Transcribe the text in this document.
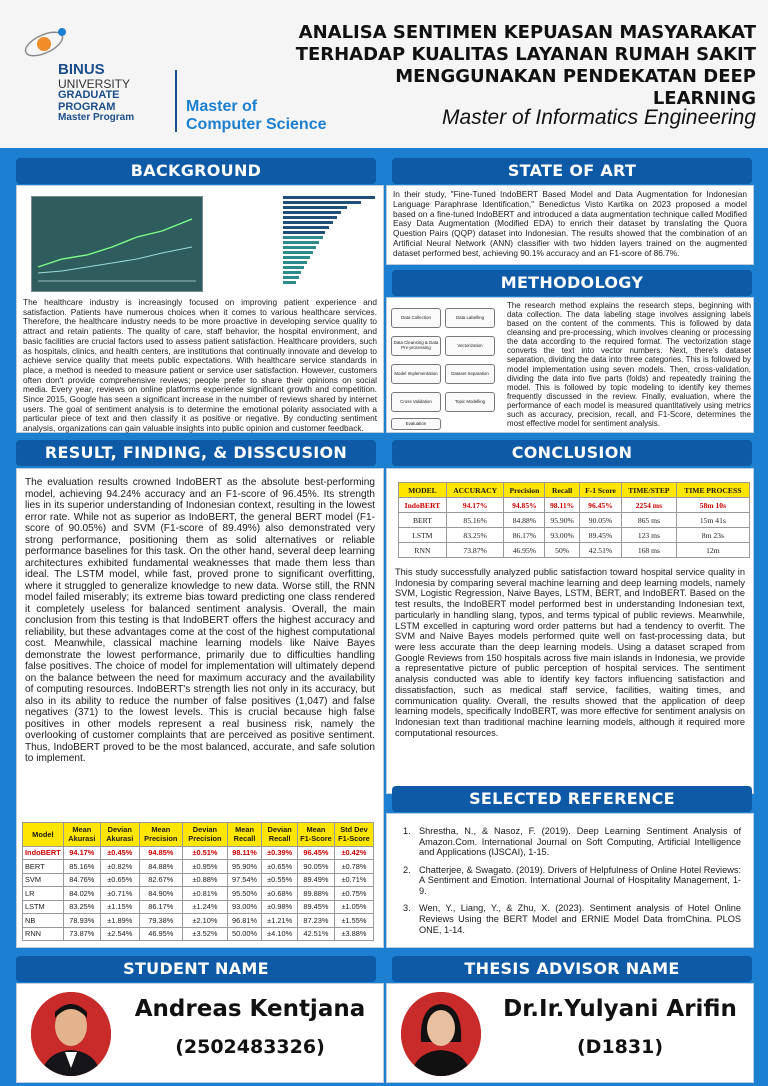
BINUS
UNIVERSITY
GRADUATE
PROGRAM
Master Program
Master of
Computer Science
ANALISA SENTIMEN KEPUASAN MASYARAKAT
TERHADAP KUALITAS LAYANAN RUMAH SAKIT
MENGGUNAKAN PENDEKATAN DEEP LEARNING
Master of Informatics Engineering
BACKGROUND
The healthcare industry is increasingly focused on improving patient experience and satisfaction. Patients have numerous choices when it comes to various healthcare services. Therefore, the healthcare industry needs to be more proactive in developing service quality to attract and retain patients. The quality of care, staff behavior, the hospital environment, and basic facilities are crucial factors used to assess patient satisfaction. Healthcare providers, such as hospitals, clinics, and health centers, are institutions that continually innovate and develop to achieve service quality that meets public expectations. With healthcare service standards in place, a method is needed to measure patient or service user satisfaction. However, customers often don't provide comprehensive reviews; people prefer to share their opinions on social media. Every year, reviews on online platforms experience significant growth and competition. Since 2015, Google has seen a significant increase in the number of reviews shared by internet users. The goal of sentiment analysis is to determine the emotional polarity associated with a particular piece of text and then classify it as positive or negative. By conducting sentiment analysis, organizations can gain valuable insights into public opinion and customer feedback.
STATE OF ART
In their study, "Fine-Tuned IndoBERT Based Model and Data Augmentation for Indonesian Language Paraphrase Identification," Benedictus Visto Kartika on 2023 proposed a model based on a fine-tuned IndoBERT and introduced a data augmentation technique called Modified Easy Data Augmentation (Modified EDA) to enrich their dataset by translating the Quora Question Pairs (QQP) dataset into Indonesian. The results showed that the combination of an Artificial Neural Network (ANN) classifier with two hidden layers trained on the augmented dataset performed best, achieving 90.1% accuracy and an F1-score of 86.7%.
METHODOLOGY
Data Collection	Data Labelling
Data Cleansing & Data Pre-processing	Vectorization
Model Implementation	Dataset Separation
Cross Validation	Topic Modelling
Evaluation
The research method explains the research steps, beginning with data collection. The data labeling stage involves assigning labels based on the content of the comments. This is followed by data cleansing and pre-processing, which involves cleaning or processing the data according to the required format. The vectorization stage converts the text into vector numbers. Next, there's dataset separation, dividing the data into three categories. This is followed by model implementation using seven models. Then, cross-validation, dividing the data into five parts (folds) and repeatedly training the model. This is followed by topic modeling to identify key themes frequently discussed in the review. Finally, evaluation, where the performance of each model is measured quantitatively using metrics such as accuracy, precision, recall, and F1-Score, determines the most effective model for sentiment analysis.
RESULT, FINDING, & DISSCUSION
The evaluation results crowned IndoBERT as the absolute best-performing model, achieving 94.24% accuracy and an F1-score of 96.45%. Its strength lies in its superior understanding of Indonesian context, resulting in the lowest error rate. While not as superior as IndoBERT, the general BERT model (F1-score of 90.05%) and SVM (F1-score of 89.49%) also demonstrated very strong performance, positioning them as solid alternatives or reliable performance baselines for this task. On the other hand, several deep learning architectures exhibited fundamental weaknesses that made them less than ideal. The LSTM model, while fast, proved prone to significant overfitting, where it struggled to generalize knowledge to new data. Worse still, the RNN model failed miserably; its extreme bias toward predicting one class rendered it completely useless for balanced sentiment analysis. Overall, the main conclusion from this testing is that IndoBERT offers the highest accuracy and reliability, but these advantages come at the cost of the highest computational cost. Meanwhile, classical machine learning models like Naive Bayes demonstrate the lowest performance, primarily due to difficulties handling false positives. The choice of model for implementation will ultimately depend on the balance between the need for maximum accuracy and the availability of computing resources. IndoBERT's strength lies not only in its accuracy, but also in its ability to reduce the number of false positives (1,047) and false negatives (371) to the lowest levels. This is crucial because high false positives in other models represent a real business risk, namely the overlooking of customer complaints that are perceived as positive sentiment. Thus, IndoBERT proved to be the most balanced, accurate, and safe solution to implement.
Model	Mean Akurasi	Devian Akurasi	Mean Precision	Devian Precision	Mean Recall	Devian Recall	Mean F1-Score	Std Dev F1-Score
IndoBERT	94.17%	±0.45%	94.85%	±0.51%	98.11%	±0.39%	96.45%	±0.42%
BERT	85.16%	±0.82%	84.88%	±0.95%	95.90%	±0.65%	90.05%	±0.78%
SVM	84.76%	±0.65%	82.67%	±0.88%	97.54%	±0.55%	89.49%	±0.71%
LR	84.02%	±0.71%	84.90%	±0.81%	95.50%	±0.68%	89.88%	±0.75%
LSTM	83.25%	±1.15%	86.17%	±1.24%	93.00%	±0.98%	89.45%	±1.05%
NB	78.93%	±1.89%	79.38%	±2.10%	96.81%	±1.21%	87.23%	±1.55%
RNN	73.87%	±2.54%	46.95%	±3.52%	50.00%	±4.10%	42.51%	±3.88%
CONCLUSION
This study successfully analyzed public satisfaction toward hospital service quality in Indonesia by comparing several machine learning and deep learning models, namely SVM, Logistic Regression, Naive Bayes, LSTM, BERT, and IndoBERT. Based on the test results, the IndoBERT model performed best in understanding Indonesian text, particularly in handling slang, typos, and terms typical of public reviews. Meanwhile, LSTM excelled in capturing word order patterns but had a tendency to overfit. The SVM and Naive Bayes models performed quite well on fast-processing data, but were less accurate than the deep learning models. Using a dataset scraped from Google Reviews from 150 hospitals across five main islands in Indonesia, we provide a representative picture of public perception of hospital services. The sentiment analysis conducted was able to identify key factors influencing satisfaction and dissatisfaction, such as medical staff service, facilities, waiting times, and communication quality. Overall, the results showed that the application of deep learning models, specifically IndoBERT, was more effective for sentiment analysis on Indonesian text than traditional machine learning models, although it required more computational resources.
MODEL	ACCURACY	Precision	Recall	F-1 Score	TIME/STEP	TIME PROCESS
IndoBERT	94.17%	94.85%	98.11%	96.45%	2254 ms	58m 10s
BERT	85.16%	84.88%	95.90%	90.05%	865 ms	15m 41s
LSTM	83.25%	86.17%	93.00%	89.45%	123 ms	8m 23s
RNN	73.87%	46.95%	50%	42.51%	168 ms	12m
SELECTED REFERENCE
1. Shrestha, N., & Nasoz, F. (2019). Deep Learning Sentiment Analysis of Amazon.Com. International Journal on Soft Computing, Artificial Intelligence and Applications (IJSCAI), 1-15.
2. Chatterjee, & Swagato. (2019). Drivers of Helpfulness of Online Hotel Reviews: A Sentiment and Emotion. International Journal of Hospitality Management, 1-9.
3. Wen, Y., Liang, Y., & Zhu, X. (2023). Sentiment analysis of Hotel Online Reviews Using the BERT Model and ERNIE Model Data fromChina. PLOS ONE, 1-14.
STUDENT NAME
Andreas Kentjana
(2502483326)
THESIS ADVISOR NAME
Dr.Ir.Yulyani Arifin
(D1831)
